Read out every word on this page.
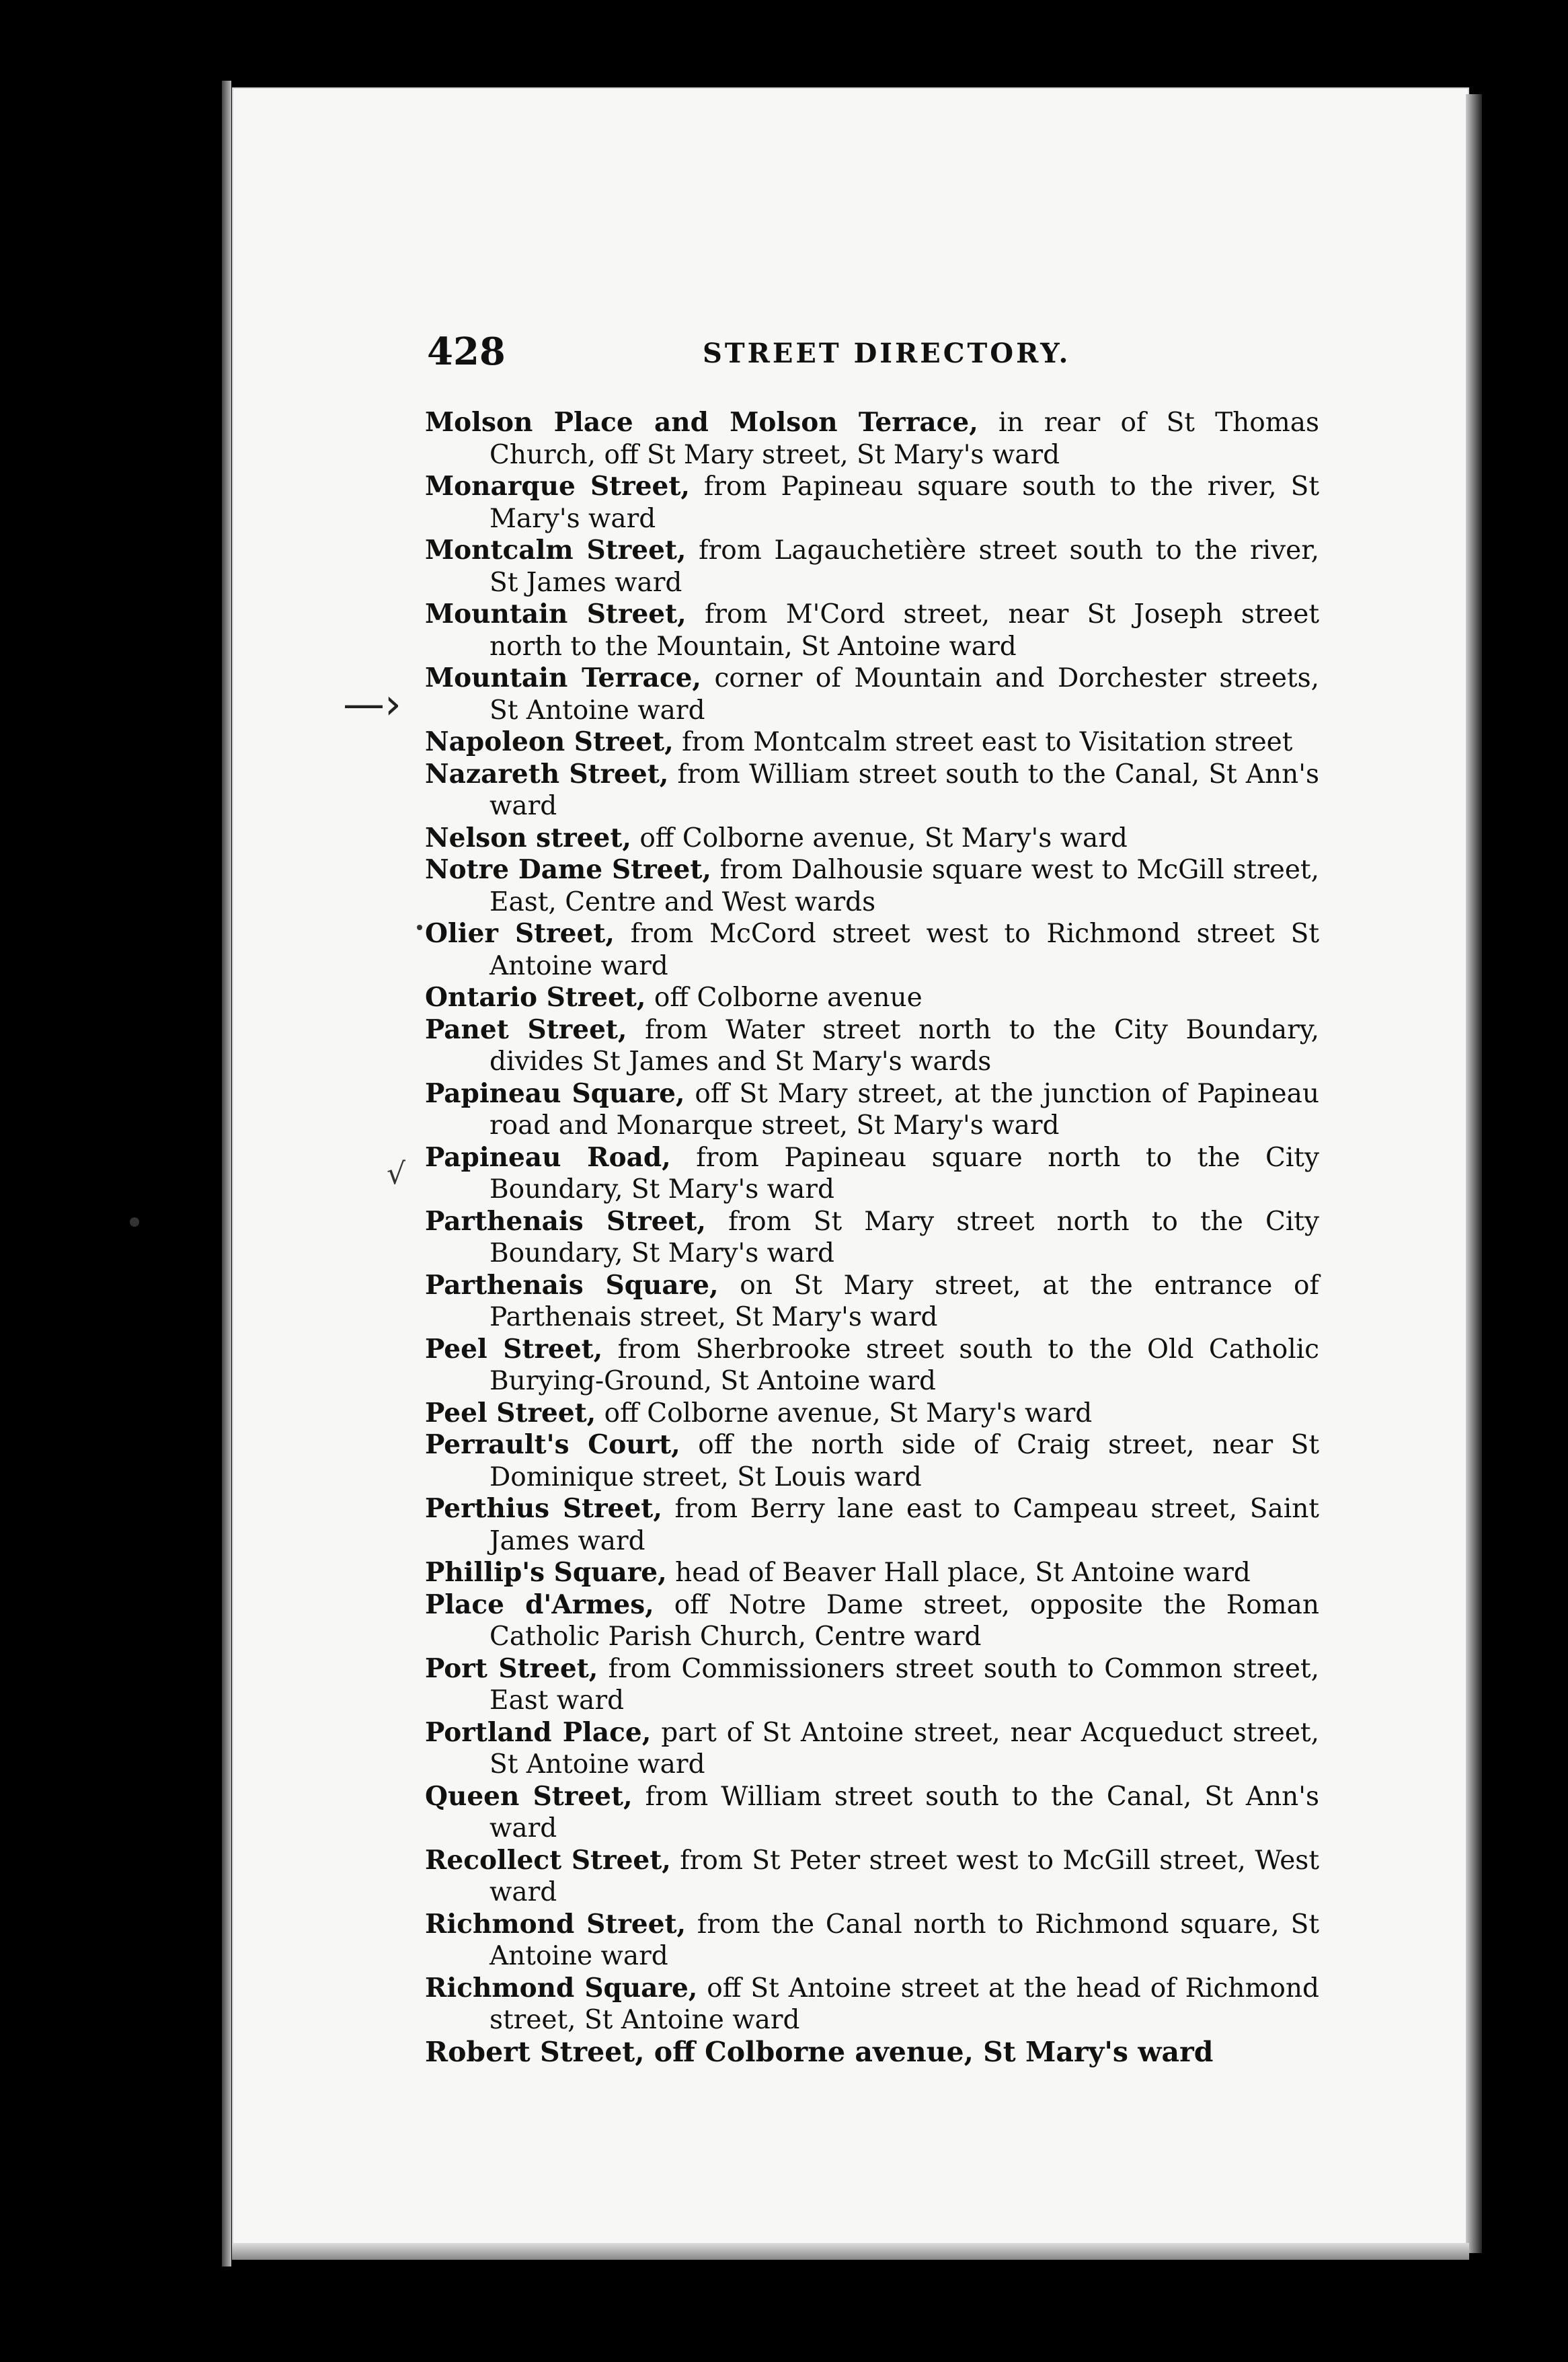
428	STREET DIRECTORY.
—›
√
Molson Place and Molson Terrace, in rear of St Thomas Church, off St Mary street, St Mary's ward
Monarque Street, from Papineau square south to the river, St Mary's ward
Montcalm Street, from Lagauchetière street south to the river, St James ward
Mountain Street, from M'Cord street, near St Joseph street north to the Mountain, St Antoine ward
Mountain Terrace, corner of Mountain and Dorchester streets, St Antoine ward
Napoleon Street, from Montcalm street east to Visitation street
Nazareth Street, from William street south to the Canal, St Ann's ward
Nelson street, off Colborne avenue, St Mary's ward
Notre Dame Street, from Dalhousie square west to McGill street, East, Centre and West wards
Olier Street, from McCord street west to Richmond street St Antoine ward
Ontario Street, off Colborne avenue
Panet Street, from Water street north to the City Boundary, divides St James and St Mary's wards
Papineau Square, off St Mary street, at the junction of Papineau road and Monarque street, St Mary's ward
Papineau Road, from Papineau square north to the City Boundary, St Mary's ward
Parthenais Street, from St Mary street north to the City Boundary, St Mary's ward
Parthenais Square, on St Mary street, at the entrance of Parthenais street, St Mary's ward
Peel Street, from Sherbrooke street south to the Old Catholic Burying-Ground, St Antoine ward
Peel Street, off Colborne avenue, St Mary's ward
Perrault's Court, off the north side of Craig street, near St Dominique street, St Louis ward
Perthius Street, from Berry lane east to Campeau street, Saint James ward
Phillip's Square, head of Beaver Hall place, St Antoine ward
Place d'Armes, off Notre Dame street, opposite the Roman Catholic Parish Church, Centre ward
Port Street, from Commissioners street south to Common street, East ward
Portland Place, part of St Antoine street, near Acqueduct street, St Antoine ward
Queen Street, from William street south to the Canal, St Ann's ward
Recollect Street, from St Peter street west to McGill street, West ward
Richmond Street, from the Canal north to Richmond square, St Antoine ward
Richmond Square, off St Antoine street at the head of Richmond street, St Antoine ward
Robert Street, off Colborne avenue, St Mary's ward
